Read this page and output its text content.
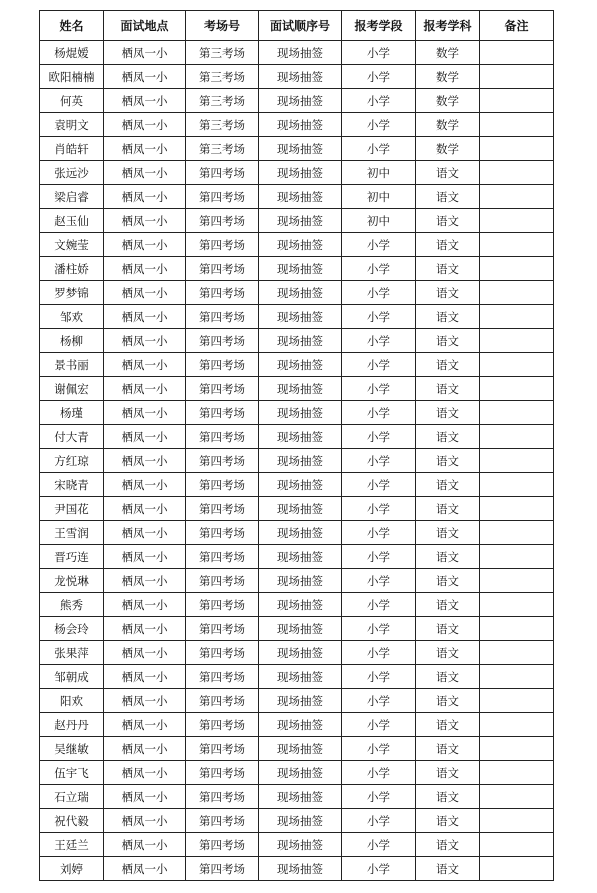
姓名	面试地点	考场号	面试顺序号	报考学段	报考学科	备注
杨焜嫒	栖凤一小	第三考场	现场抽签	小学	数学	
欧阳楠楠	栖凤一小	第三考场	现场抽签	小学	数学	
何英	栖凤一小	第三考场	现场抽签	小学	数学	
袁明文	栖凤一小	第三考场	现场抽签	小学	数学	
肖皓轩	栖凤一小	第三考场	现场抽签	小学	数学	
张远沙	栖凤一小	第四考场	现场抽签	初中	语文	
梁启睿	栖凤一小	第四考场	现场抽签	初中	语文	
赵玉仙	栖凤一小	第四考场	现场抽签	初中	语文	
文婉莹	栖凤一小	第四考场	现场抽签	小学	语文	
潘柱娇	栖凤一小	第四考场	现场抽签	小学	语文	
罗梦锦	栖凤一小	第四考场	现场抽签	小学	语文	
邹欢	栖凤一小	第四考场	现场抽签	小学	语文	
杨柳	栖凤一小	第四考场	现场抽签	小学	语文	
景书丽	栖凤一小	第四考场	现场抽签	小学	语文	
谢佩宏	栖凤一小	第四考场	现场抽签	小学	语文	
杨瑾	栖凤一小	第四考场	现场抽签	小学	语文	
付大青	栖凤一小	第四考场	现场抽签	小学	语文	
方红琼	栖凤一小	第四考场	现场抽签	小学	语文	
宋晓青	栖凤一小	第四考场	现场抽签	小学	语文	
尹国花	栖凤一小	第四考场	现场抽签	小学	语文	
王雪润	栖凤一小	第四考场	现场抽签	小学	语文	
晋巧连	栖凤一小	第四考场	现场抽签	小学	语文	
龙悦琳	栖凤一小	第四考场	现场抽签	小学	语文	
熊秀	栖凤一小	第四考场	现场抽签	小学	语文	
杨会玲	栖凤一小	第四考场	现场抽签	小学	语文	
张果萍	栖凤一小	第四考场	现场抽签	小学	语文	
邹朝成	栖凤一小	第四考场	现场抽签	小学	语文	
阳欢	栖凤一小	第四考场	现场抽签	小学	语文	
赵丹丹	栖凤一小	第四考场	现场抽签	小学	语文	
吴继敏	栖凤一小	第四考场	现场抽签	小学	语文	
伍宇飞	栖凤一小	第四考场	现场抽签	小学	语文	
石立瑞	栖凤一小	第四考场	现场抽签	小学	语文	
祝代毅	栖凤一小	第四考场	现场抽签	小学	语文	
王廷兰	栖凤一小	第四考场	现场抽签	小学	语文	
刘婷	栖凤一小	第四考场	现场抽签	小学	语文	
